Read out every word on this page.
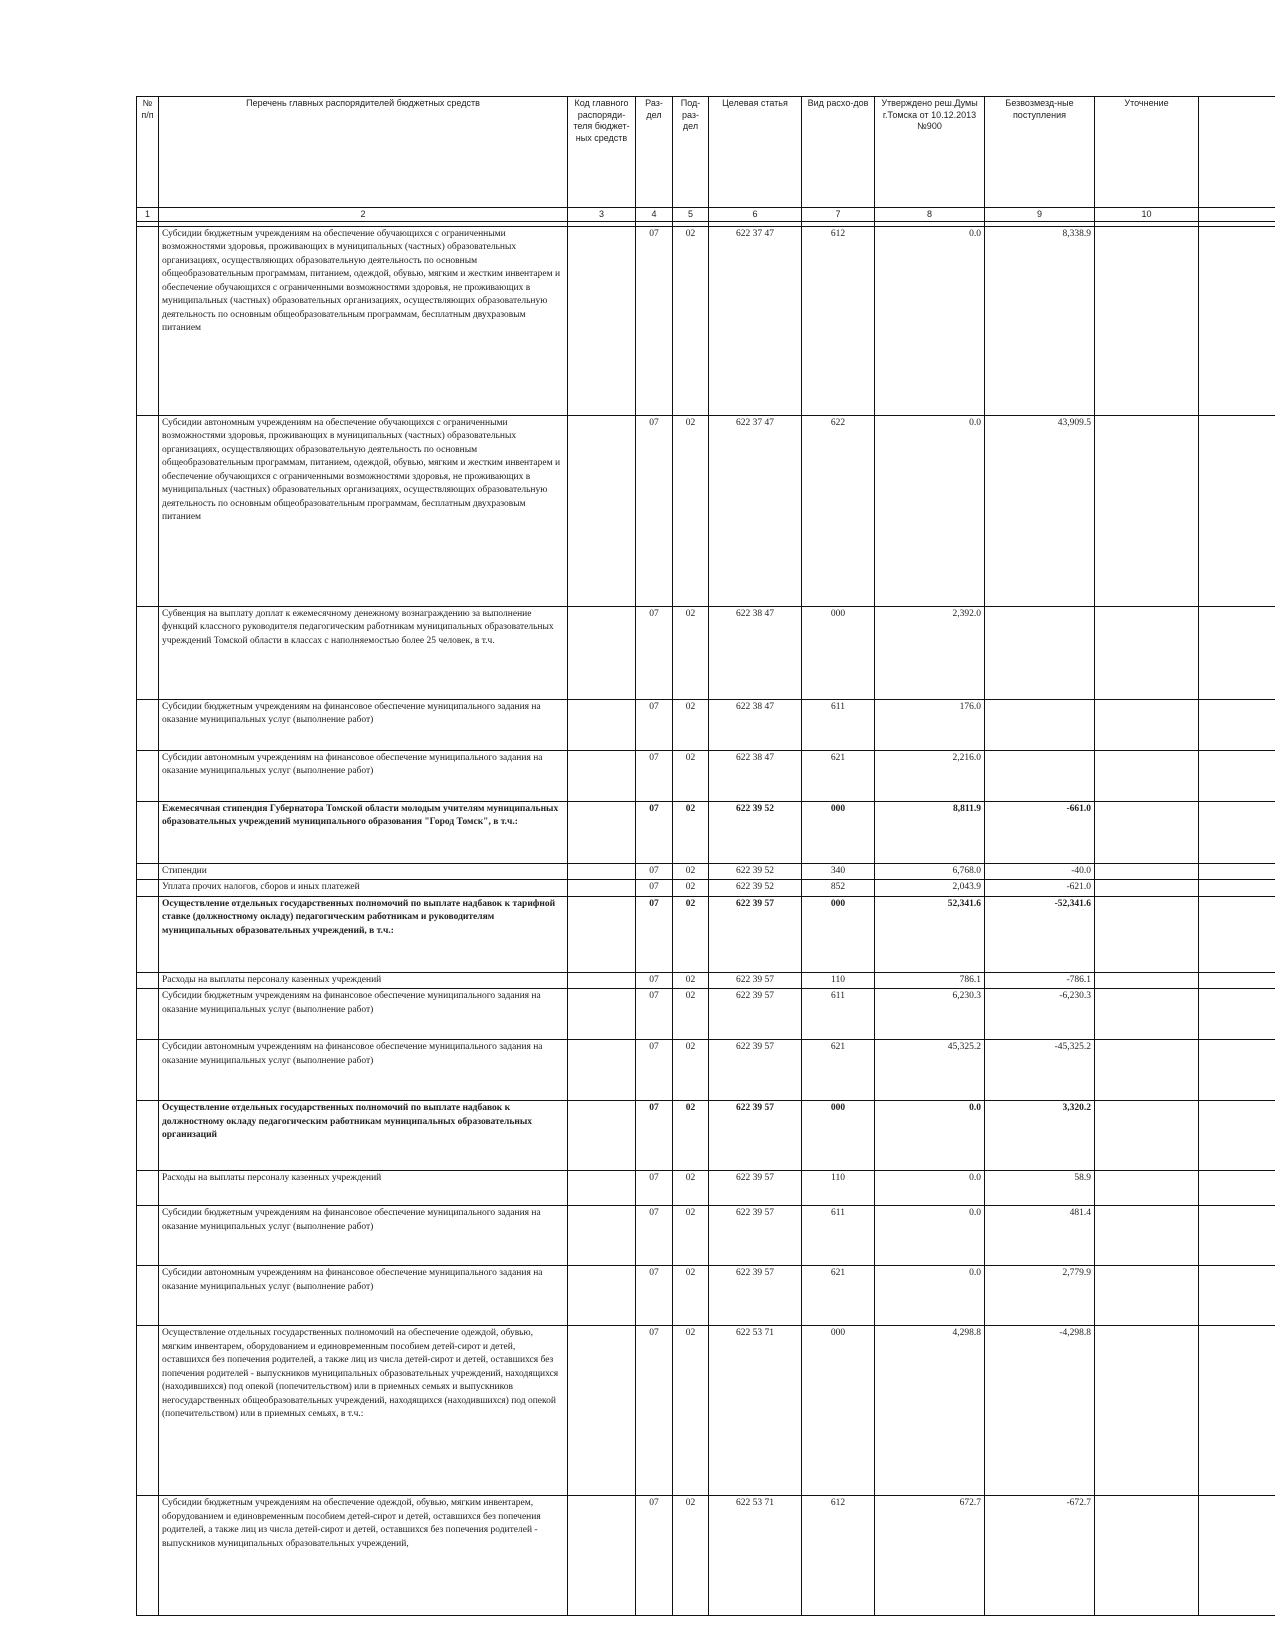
№ п/п	Перечень главных распорядителей бюджетных средств	Код главного распоряди-теля бюджет-ных средств	Раз-дел	Под-раз-дел	Целевая статья	Вид расхо-дов	Утверждено реш.Думы г.Томска от 10.12.2013 №900	Безвозмезд-ные поступления	Уточнение	
1	2	3	4	5	6	7	8	9	10	

	Субсидии бюджетным учреждениям на обеспечение обучающихся с ограниченными возможностями здоровья, проживающих в муниципальных (частных) образовательных организациях, осуществляющих образовательную деятельность по основным общеобразовательным программам, питанием, одеждой, обувью, мягким и жестким инвентарем и обеспечение обучающихся с ограниченными возможностями здоровья, не проживающих в муниципальных (частных) образовательных организациях, осуществляющих образовательную деятельность по основным общеобразовательным программам, бесплатным двухразовым питанием		07	02	622 37 47	612	0.0	8,338.9		
	Субсидии автономным учреждениям на обеспечение обучающихся с ограниченными возможностями здоровья, проживающих в муниципальных (частных) образовательных организациях, осуществляющих образовательную деятельность по основным общеобразовательным программам, питанием, одеждой, обувью, мягким и жестким инвентарем и обеспечение обучающихся с ограниченными возможностями здоровья, не проживающих в муниципальных (частных) образовательных организациях, осуществляющих образовательную деятельность по основным общеобразовательным программам, бесплатным двухразовым питанием		07	02	622 37 47	622	0.0	43,909.5		
	Субвенция на выплату доплат к ежемесячному денежному вознаграждению за выполнение функций классного руководителя педагогическим работникам муниципальных образовательных учреждений Томской области в классах с наполняемостью более 25 человек, в т.ч.		07	02	622 38 47	000	2,392.0			
	Субсидии бюджетным учреждениям на финансовое обеспечение муниципального задания на оказание муниципальных услуг (выполнение работ)		07	02	622 38 47	611	176.0			
	Субсидии автономным учреждениям на финансовое обеспечение муниципального задания на оказание муниципальных услуг (выполнение работ)		07	02	622 38 47	621	2,216.0			
	Ежемесячная стипендия Губернатора Томской области молодым учителям муниципальных образовательных учреждений муниципального образования "Город Томск", в т.ч.:		07	02	622 39 52	000	8,811.9	-661.0		
	Стипендии		07	02	622 39 52	340	6,768.0	-40.0		
	Уплата прочих налогов, сборов и иных платежей		07	02	622 39 52	852	2,043.9	-621.0		
	Осуществление отдельных государственных полномочий по выплате надбавок к тарифной ставке (должностному окладу) педагогическим работникам и руководителям муниципальных образовательных учреждений, в т.ч.:		07	02	622 39 57	000	52,341.6	-52,341.6		
	Расходы на выплаты персоналу казенных учреждений		07	02	622 39 57	110	786.1	-786.1		
	Субсидии бюджетным учреждениям на финансовое обеспечение муниципального задания на оказание муниципальных услуг (выполнение работ)		07	02	622 39 57	611	6,230.3	-6,230.3		
	Субсидии автономным учреждениям на финансовое обеспечение муниципального задания на оказание муниципальных услуг (выполнение работ)		07	02	622 39 57	621	45,325.2	-45,325.2		
	Осуществление отдельных государственных полномочий по выплате надбавок к должностному окладу педагогическим работникам муниципальных образовательных организаций		07	02	622 39 57	000	0.0	3,320.2		
	Расходы на выплаты персоналу казенных учреждений		07	02	622 39 57	110	0.0	58.9		
	Субсидии бюджетным учреждениям на финансовое обеспечение муниципального задания на оказание муниципальных услуг (выполнение работ)		07	02	622 39 57	611	0.0	481.4		
	Субсидии автономным учреждениям на финансовое обеспечение муниципального задания на оказание муниципальных услуг (выполнение работ)		07	02	622 39 57	621	0.0	2,779.9		
	Осуществление отдельных государственных полномочий на обеспечение одеждой, обувью, мягким инвентарем, оборудованием и единовременным пособием детей-сирот и детей, оставшихся без попечения родителей, а также лиц из числа детей-сирот и детей, оставшихся без попечения родителей - выпускников муниципальных образовательных учреждений, находящихся (находившихся) под опекой (попечительством) или в приемных семьях и выпускников негосударственных общеобразовательных учреждений, находящихся (находившихся) под опекой (попечительством) или в приемных семьях, в т.ч.:		07	02	622 53 71	000	4,298.8	-4,298.8		
	Субсидии бюджетным учреждениям на обеспечение одеждой, обувью, мягким инвентарем, оборудованием и единовременным пособием детей-сирот и детей, оставшихся без попечения родителей, а также лиц из числа детей-сирот и детей, оставшихся без попечения родителей - выпускников муниципальных образовательных учреждений,		07	02	622 53 71	612	672.7	-672.7		
